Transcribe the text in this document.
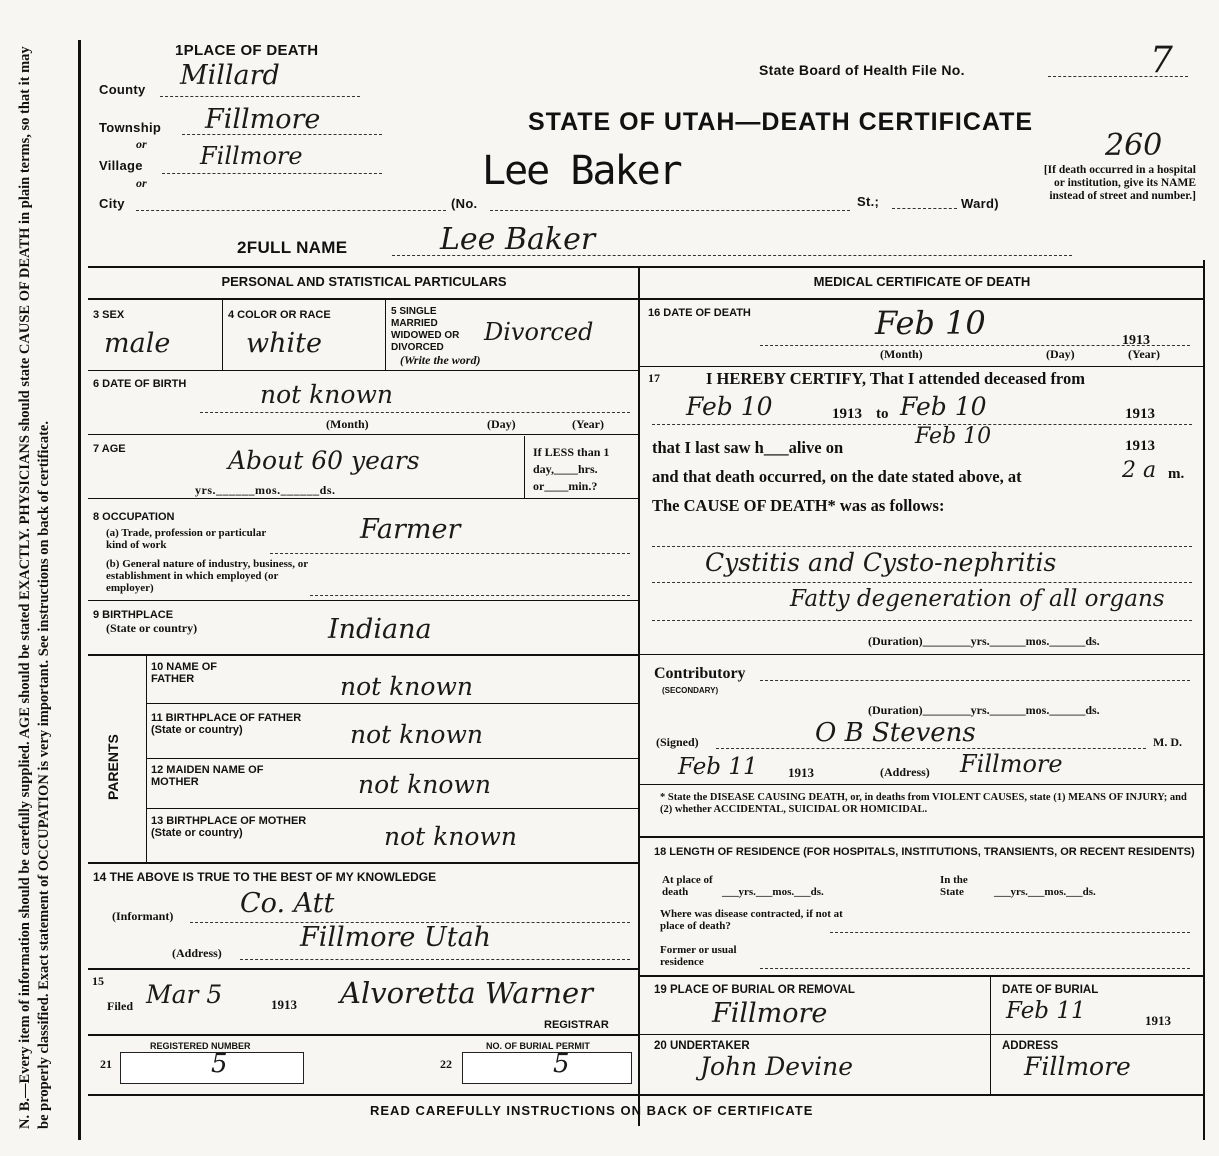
N. B.—Every item of information should be carefully supplied. AGE should be stated EXACTLY. PHYSICIANS should state CAUSE OF DEATH in plain terms, so that it may be properly classified. Exact statement of OCCUPATION is very important. See instructions on back of certificate.
1PLACE OF DEATH
County Millard
Township Fillmore
or
Village Fillmore
or
City	(No.	St.;	Ward)
State Board of Health File No.	7
STATE OF UTAH—DEATH CERTIFICATE
260
Lee Baker	[If death occurred in a hospital or institution, give its NAME instead of street and number.]
2FULL NAME	Lee Baker
PERSONAL AND STATISTICAL PARTICULARS
3 SEX
male
4 COLOR OR RACE
white
5 SINGLE MARRIED WIDOWED OR DIVORCED
(Write the word)
Divorced
6 DATE OF BIRTH	not known
(Month)	(Day)	(Year)
7 AGE	About 60 years
yrs.______mos.______ds.
If LESS than 1 day,____hrs. or____min.?
8 OCCUPATION
(a) Trade, profession or particular kind of work	Farmer
(b) General nature of industry, business, or establishment in which employed (or employer)
9 BIRTHPLACE
(State or country)	Indiana
PARENTS
10 NAME OF FATHER	not known
11 BIRTHPLACE OF FATHER (State or country)	not known
12 MAIDEN NAME OF MOTHER	not known
13 BIRTHPLACE OF MOTHER (State or country)	not known
14 THE ABOVE IS TRUE TO THE BEST OF MY KNOWLEDGE
(Informant) Co. Att
(Address)	Fillmore Utah
15
Filed Mar 5	1913 Alvoretta Warner
REGISTRAR
21
REGISTERED NUMBER
5	22
NO. OF BURIAL PERMIT
5
MEDICAL CERTIFICATE OF DEATH
16 DATE OF DEATH	Feb 10	1913
(Month)	(Day)	(Year)
17	I HEREBY CERTIFY, That I attended deceased from
Feb 10	1913 to Feb 10	1913
that I last saw h___alive on	Feb 10	1913
and that death occurred, on the date stated above, at	2 a m.
The CAUSE OF DEATH* was as follows:
Cystitis and Cysto-nephritis
Fatty degeneration of all organs
(Duration)________yrs.______mos.______ds.
Contributory
(SECONDARY)
(Duration)________yrs.______mos.______ds.
(Signed)	O B Stevens	M. D.
Feb 11 1913	(Address) Fillmore
* State the DISEASE CAUSING DEATH, or, in deaths from VIOLENT CAUSES, state (1) MEANS OF INJURY; and (2) whether ACCIDENTAL, SUICIDAL OR HOMICIDAL.
18 LENGTH OF RESIDENCE (FOR HOSPITALS, INSTITUTIONS, TRANSIENTS, OR RECENT RESIDENTS)
At place of death	___yrs.___mos.___ds.
In the State	___yrs.___mos.___ds.
Where was disease contracted, if not at place of death?
Former or usual residence
19 PLACE OF BURIAL OR REMOVAL
Fillmore
DATE OF BURIAL
Feb 11	1913
20 UNDERTAKER
John Devine
ADDRESS
Fillmore
READ CAREFULLY INSTRUCTIONS ON BACK OF CERTIFICATE
